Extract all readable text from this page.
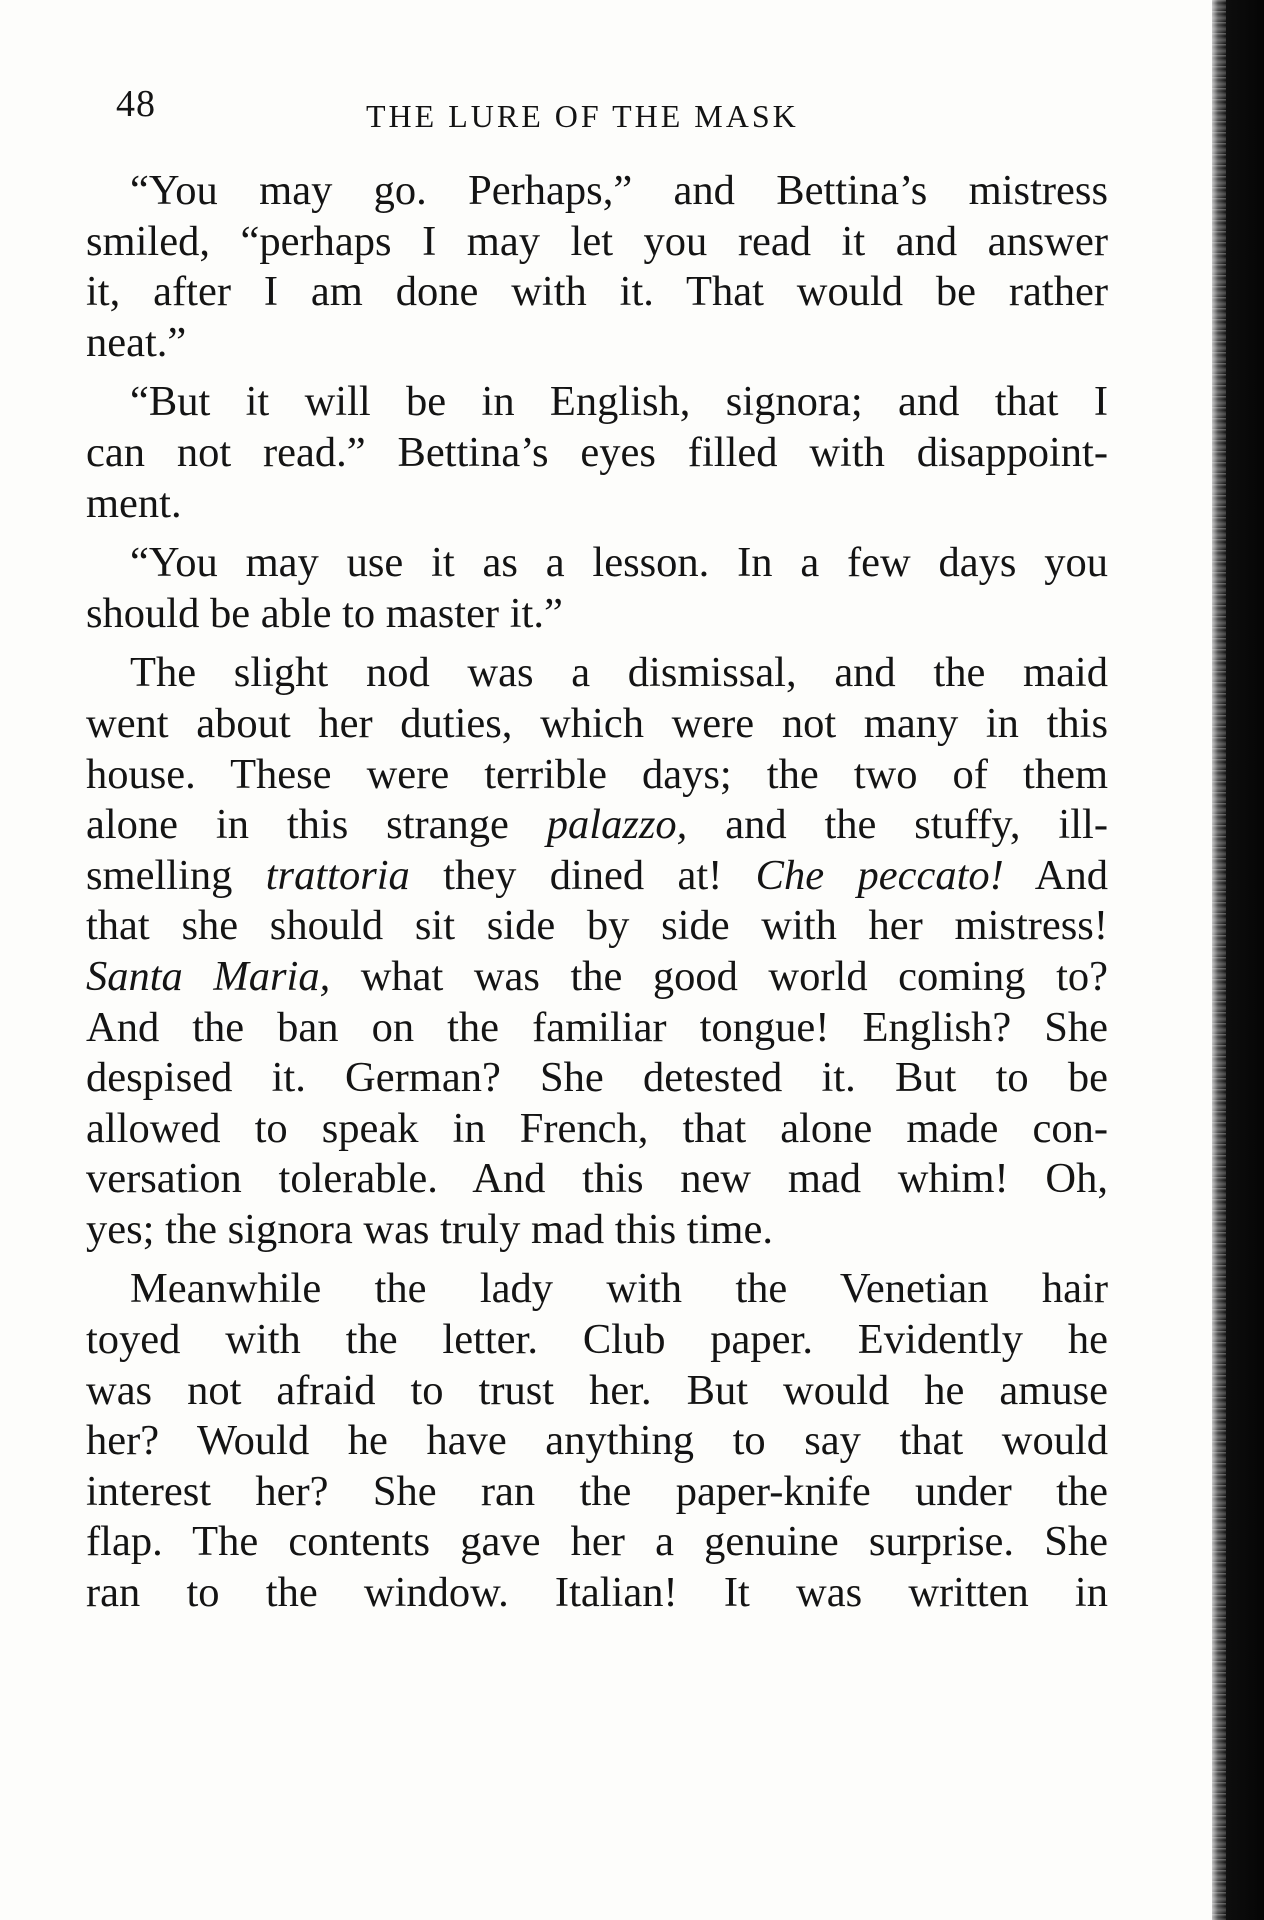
48	THE LURE OF THE MASK

“You may go. Perhaps,” and Bettina’s mistress
smiled, “perhaps I may let you read it and answer
it, after I am done with it. That would be rather
neat.”

“But it will be in English, signora; and that I
can not read.” Bettina’s eyes filled with disappoint-
ment.

“You may use it as a lesson. In a few days you
should be able to master it.”

The slight nod was a dismissal, and the maid
went about her duties, which were not many in this
house. These were terrible days; the two of them
alone in this strange palazzo, and the stuffy, ill-
smelling trattoria they dined at! Che peccato! And
that she should sit side by side with her mistress!
Santa Maria, what was the good world coming to?
And the ban on the familiar tongue! English? She
despised it. German? She detested it. But to be
allowed to speak in French, that alone made con-
versation tolerable. And this new mad whim! Oh,
yes; the signora was truly mad this time.

Meanwhile the lady with the Venetian hair
toyed with the letter. Club paper. Evidently he
was not afraid to trust her. But would he amuse
her? Would he have anything to say that would
interest her? She ran the paper-knife under the
flap. The contents gave her a genuine surprise. She
ran to the window. Italian! It was written in
